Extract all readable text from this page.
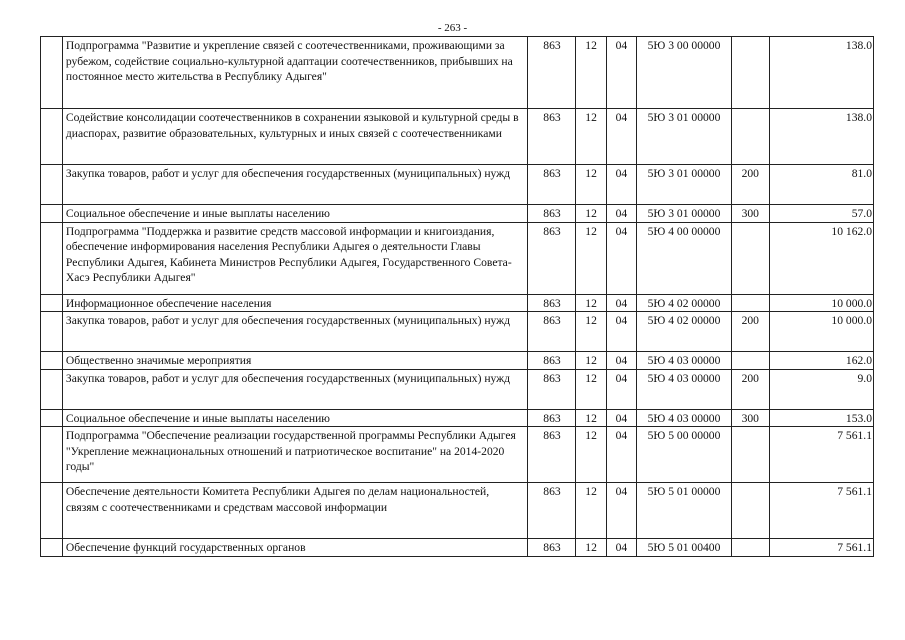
- 263 -
	Подпрограмма "Развитие и укрепление связей с соотечественниками, проживающими за рубежом, содействие социально-культурной адаптации соотечественников, прибывших на постоянное место жительства в Республику Адыгея"	863	12	04	5Ю 3 00 00000		138.0
	Содействие консолидации соотечественников в сохранении языковой и культурной среды в диаспорах, развитие образовательных, культурных и иных связей с соотечественниками	863	12	04	5Ю 3 01 00000		138.0
	Закупка товаров, работ и услуг для обеспечения государственных (муниципальных) нужд	863	12	04	5Ю 3 01 00000	200	81.0
	Социальное обеспечение и иные выплаты населению	863	12	04	5Ю 3 01 00000	300	57.0
	Подпрограмма "Поддержка и развитие средств массовой информации и книгоиздания, обеспечение информирования населения Республики Адыгея о деятельности Главы Республики Адыгея, Кабинета Министров Республики Адыгея, Государственного Совета-Хасэ Республики Адыгея"	863	12	04	5Ю 4 00 00000		10 162.0
	Информационное обеспечение населения	863	12	04	5Ю 4 02 00000		10 000.0
	Закупка товаров, работ и услуг для обеспечения государственных (муниципальных) нужд	863	12	04	5Ю 4 02 00000	200	10 000.0
	Общественно значимые мероприятия	863	12	04	5Ю 4 03 00000		162.0
	Закупка товаров, работ и услуг для обеспечения государственных (муниципальных) нужд	863	12	04	5Ю 4 03 00000	200	9.0
	Социальное обеспечение и иные выплаты населению	863	12	04	5Ю 4 03 00000	300	153.0
	Подпрограмма "Обеспечение реализации государственной программы Республики Адыгея "Укрепление межнациональных отношений и патриотическое воспитание" на 2014-2020 годы"	863	12	04	5Ю 5 00 00000		7 561.1
	Обеспечение деятельности Комитета Республики Адыгея по делам национальностей, связям с соотечественниками и средствам массовой информации	863	12	04	5Ю 5 01 00000		7 561.1
	Обеспечение функций государственных органов	863	12	04	5Ю 5 01 00400		7 561.1
